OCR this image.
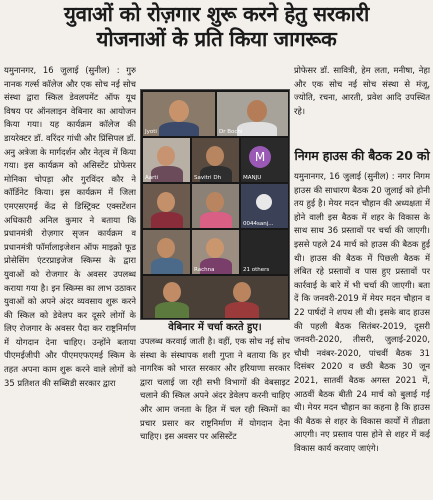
युवाओं को रोज़गार शुरू करने हेतु सरकारी
योजनाओं के प्रति किया जागरूक

यमुनानगर, 16 जुलाई (सुनील) : गुरु नानक गर्ल्स कॉलेज और एक सोच नई सोच संस्था द्वारा स्किल डेवलपमेंट ऑफ यूथ विषय पर ऑनलाइन वेबिनार का आयोजन किया गया। यह कार्यक्रम कॉलेज की डायरेक्टर डॉ. वरिंदर गांधी और प्रिंसिपल डॉ. अनु अत्रेजा के मार्गदर्शन और नेतृत्व में किया गया। इस कार्यक्रम को असिस्टेंट प्रोफेसर मोनिका चोपड़ा और गुरविंदर कौर ने कॉर्डिनेट किया। इस कार्यक्रम में जिला एमएसएमई केंद्र से डिस्ट्रिक्ट एक्सटेंशन अधिकारी अनिल कुमार ने बताया कि प्रधानमंत्री रोज़गार सृजन कार्यक्रम व प्रधानमंत्री फॉर्मालाइजेशन ऑफ माइक्रो फूड प्रोसेसिंग एंटरप्राइजेज स्किम्स के द्वारा युवाओं को रोजगार के अवसर उपलब्ध कराया गया है। इन स्किम्स का लाभ उठाकर युवाओं को अपने अंदर व्यवसाय शुरू करने की स्किल को डेवेलप कर दूसरे लोगों के लिए रोजगार के अवसर पैदा कर राष्ट्रनिर्माण में योगदान देना चाहिए। उन्होंने बताया पीएमईजीपी और पीएमएफएमई स्किम के तहत अपना काम शुरू करने वाले लोगों को 35 प्रतिशत की सब्सिडी सरकार द्वारा

Jyoti	Dr Bochi
Aarti	Savitri Dh
M
MANJU
0044sanj...
Rachna	21 others
वेबिनार में चर्चा करते हुए।

उपलब्ध करवाई जाती है। वहीं, एक सोच नई सोच संस्था के संस्थापक शशी गुप्ता ने बताया कि हर नागरिक को भारत सरकार और हरियाणा सरकार द्वारा चलाई जा रही सभी विभागों की वेबसाइट चलाने की स्किल अपने अंदर डेवेलप करनी चाहिए और आम जनता के हित में चल रही स्किमों का प्रचार प्रसार कर राष्ट्रनिर्माण में योगदान देना चाहिए। इस अवसर पर असिस्टेंट

प्रोफेसर डॉ. सावित्री, हेम लता, मनीषा, नेहा और एक सोच नई सोच संस्था से मंजू, ज्योति, रचना, आरती, प्रवेश आदि उपस्थित रहे।

निगम हाउस की बैठक 20 को

यमुनानगर, 16 जुलाई (सुनील) : नगर निगम हाउस की साधारण बैठक 20 जुलाई को होनी तय हुई है। मेयर मदन चौहान की अध्यक्षता में होने वाली इस बैठक में शहर के विकास के साथ साथ 36 प्रस्तावों पर चर्चा की जाएगी। इससे पहले 24 मार्च को हाउस की बैठक हुई थी। हाउस की बैठक में पिछली बैठक में लंबित रहे प्रस्तावों व पास हुए प्रस्तावों पर कार्रवाई के बारे में भी चर्चा की जाएगी। बता दें कि जनवरी-2019 में मेयर मदन चौहान व 22 पार्षदों ने शपथ ली थी। इसके बाद हाउस की पहली बैठक सितंबर-2019, दूसरी जनवरी-2020, तीसरी, जुलाई-2020, चौथी नवंबर-2020, पांचवीं बैठक 31 दिसंबर 2020 व छठी बैठक 30 जून 2021, सातवीं बैठक अगस्त 2021 में, आठवीं बैठक बीती 24 मार्च को बुलाई गई थी। मेयर मदन चौहान का कहना है कि हाउस की बैठक से शहर के विकास कार्यों में तीव्रता आएगी। नए प्रस्ताव पास होने से शहर में कई विकास कार्य करवाए जाएंगे।
